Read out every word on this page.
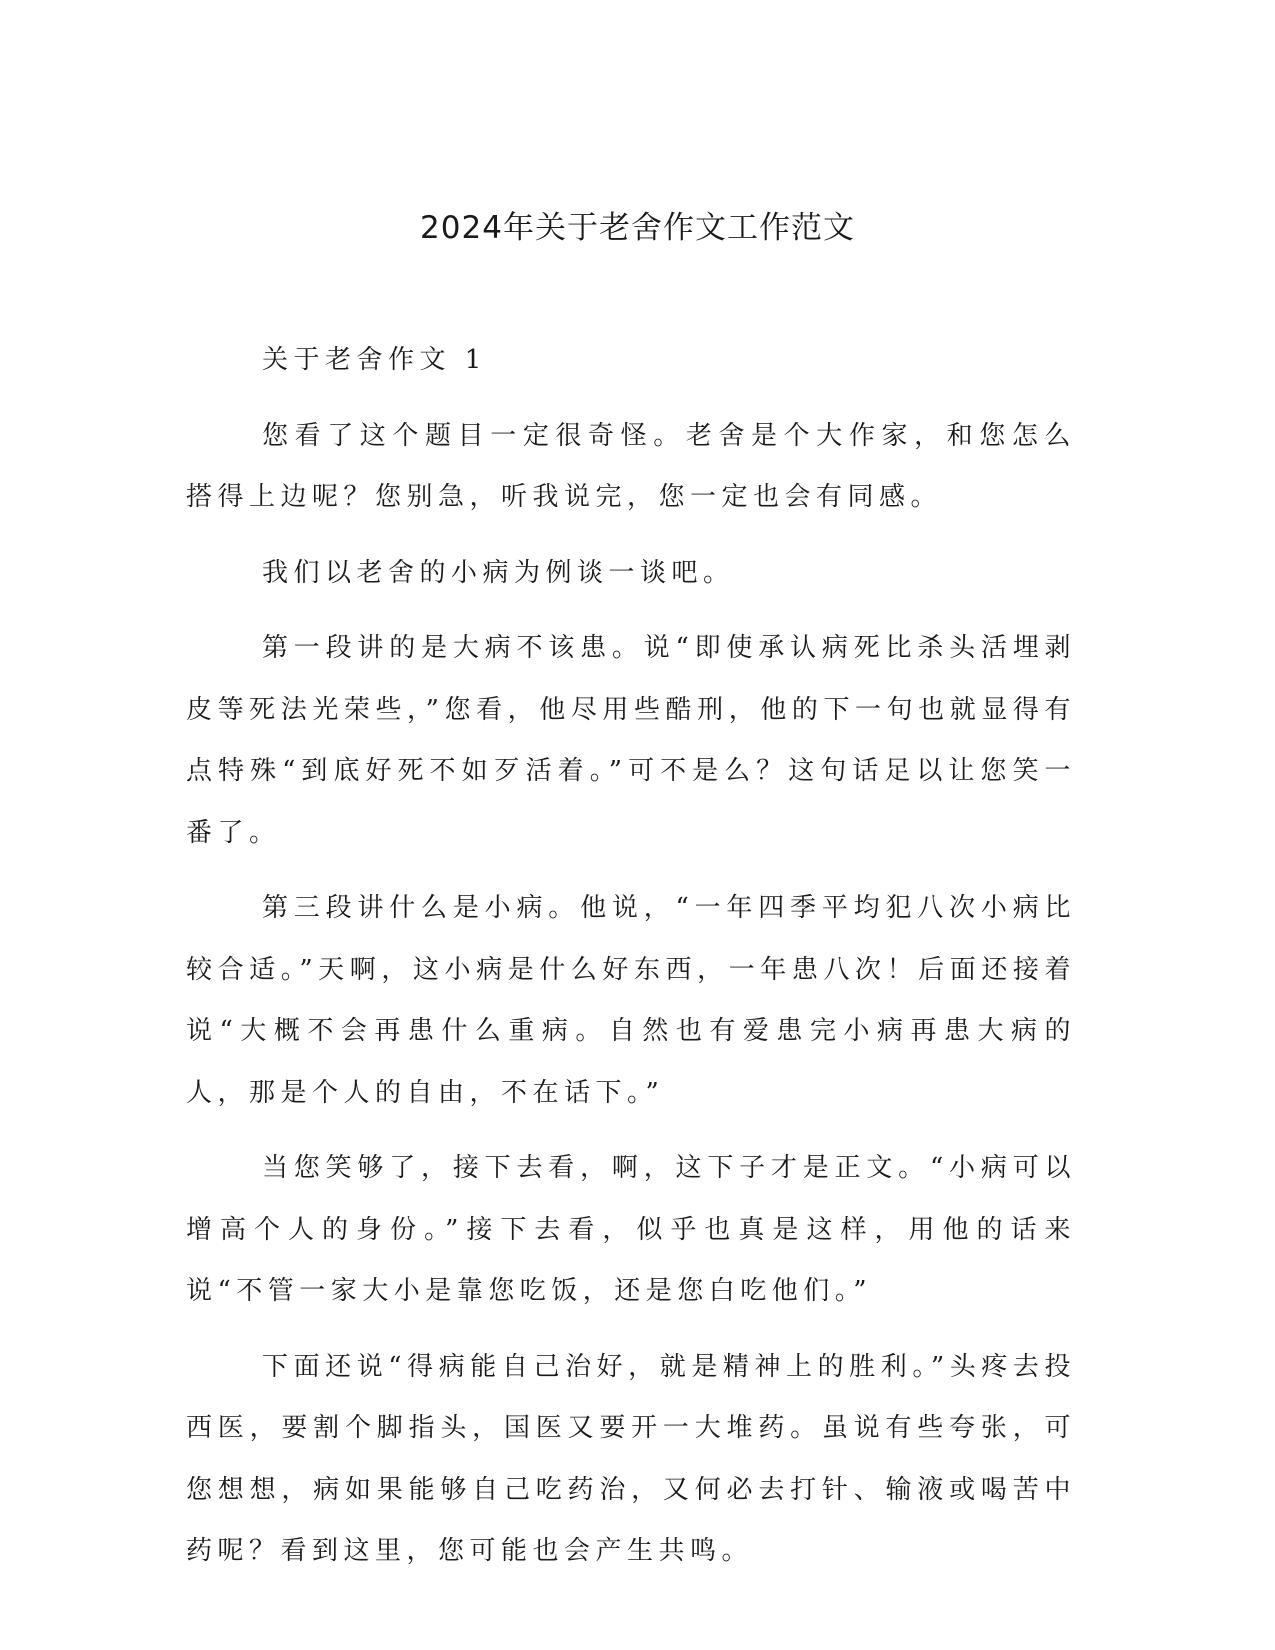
2024年关于老舍作文工作范文

关于老舍作文 1

您看了这个题目一定很奇怪。老舍是个大作家，和您怎么搭得上边呢？您别急，听我说完，您一定也会有同感。

我们以老舍的小病为例谈一谈吧。

第一段讲的是大病不该患。说“即使承认病死比杀头活埋剥皮等死法光荣些，”您看，他尽用些酷刑，他的下一句也就显得有点特殊“到底好死不如歹活着。”可不是么？这句话足以让您笑一番了。

第三段讲什么是小病。他说，“一年四季平均犯八次小病比较合适。”天啊，这小病是什么好东西，一年患八次！后面还接着说“大概不会再患什么重病。自然也有爱患完小病再患大病的人，那是个人的自由，不在话下。”

当您笑够了，接下去看，啊，这下子才是正文。“小病可以增高个人的身份。”接下去看，似乎也真是这样，用他的话来说“不管一家大小是靠您吃饭，还是您白吃他们。”

下面还说“得病能自己治好，就是精神上的胜利。”头疼去投西医，要割个脚指头，国医又要开一大堆药。虽说有些夸张，可您想想，病如果能够自己吃药治，又何必去打针、输液或喝苦中药呢？看到这里，您可能也会产生共鸣。
